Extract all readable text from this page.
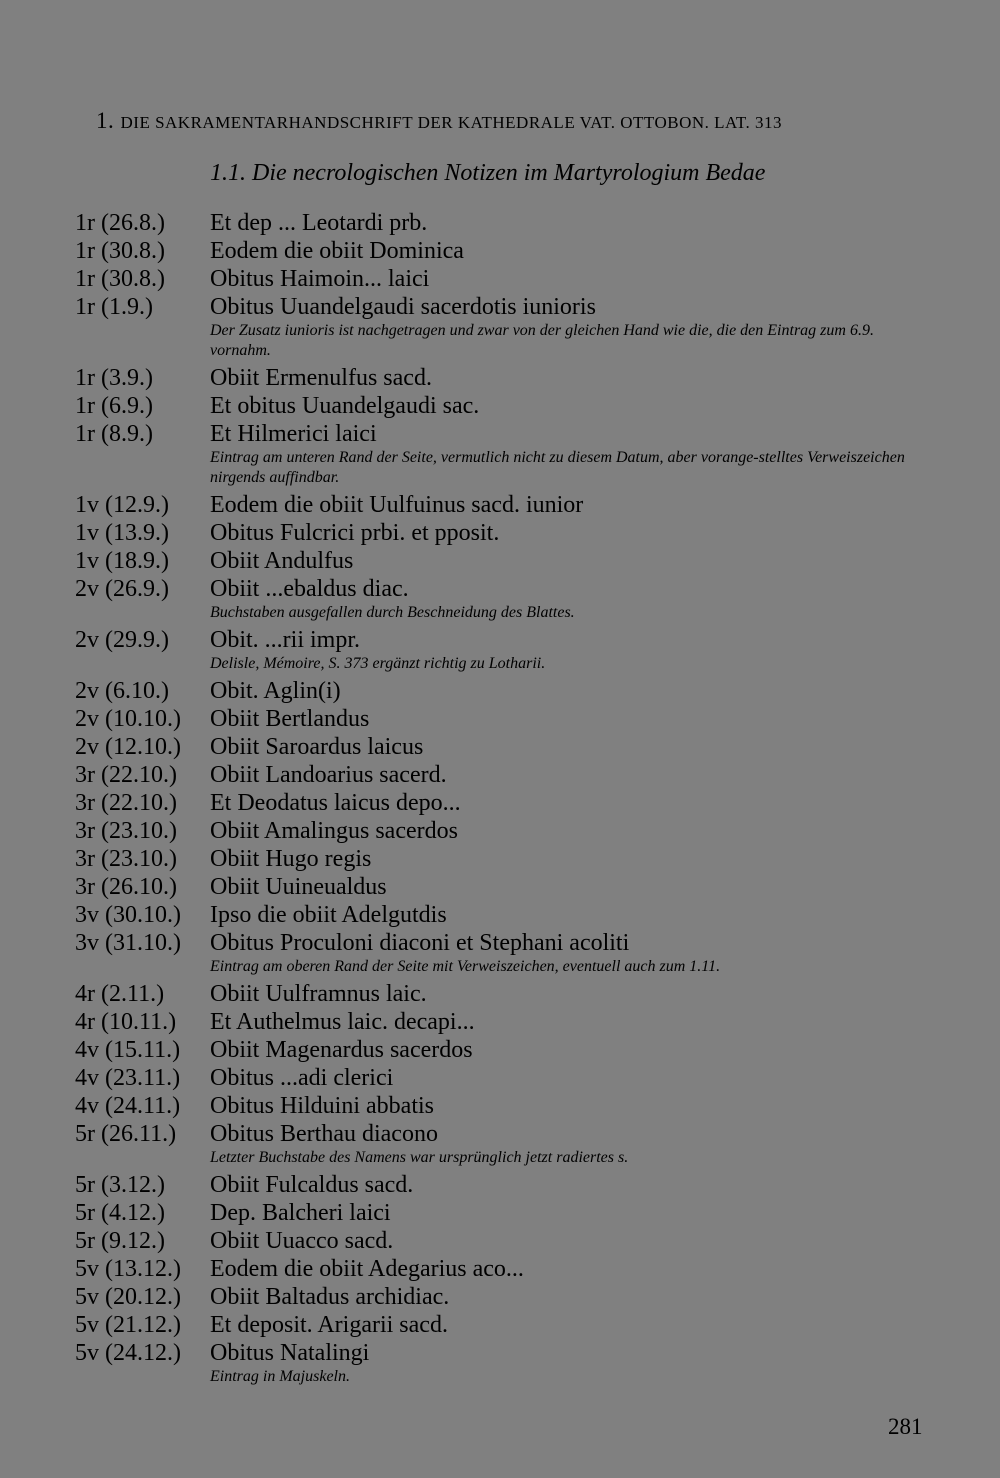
1. DIE SAKRAMENTARHANDSCHRIFT DER KATHEDRALE VAT. OTTOBON. LAT. 313
1.1. Die necrologischen Notizen im Martyrologium Bedae
1r (26.8.)	Et dep ... Leotardi prb.
1r (30.8.)	Eodem die obiit Dominica
1r (30.8.)	Obitus Haimoin... laici
1r (1.9.)	Obitus Uuandelgaudi sacerdotis iunioris
Der Zusatz iunioris ist nachgetragen und zwar von der gleichen Hand wie die, die den Eintrag zum 6.9. vornahm.
1r (3.9.)	Obiit Ermenulfus sacd.
1r (6.9.)	Et obitus Uuandelgaudi sac.
1r (8.9.)	Et Hilmerici laici
Eintrag am unteren Rand der Seite, vermutlich nicht zu diesem Datum, aber vorange-stelltes Verweiszeichen nirgends auffindbar.
1v (12.9.)	Eodem die obiit Uulfuinus sacd. iunior
1v (13.9.)	Obitus Fulcrici prbi. et pposit.
1v (18.9.)	Obiit Andulfus
2v (26.9.)	Obiit ...ebaldus diac.
Buchstaben ausgefallen durch Beschneidung des Blattes.
2v (29.9.)	Obit. ...rii impr.
Delisle, Mémoire, S. 373 ergänzt richtig zu Lotharii.
2v (6.10.)	Obit. Aglin(i)
2v (10.10.)	Obiit Bertlandus
2v (12.10.)	Obiit Saroardus laicus
3r (22.10.)	Obiit Landoarius sacerd.
3r (22.10.)	Et Deodatus laicus depo...
3r (23.10.)	Obiit Amalingus sacerdos
3r (23.10.)	Obiit Hugo regis
3r (26.10.)	Obiit Uuineualdus
3v (30.10.)	Ipso die obiit Adelgutdis
3v (31.10.)	Obitus Proculoni diaconi et Stephani acoliti
Eintrag am oberen Rand der Seite mit Verweiszeichen, eventuell auch zum 1.11.
4r (2.11.)	Obiit Uulframnus laic.
4r (10.11.)	Et Authelmus laic. decapi...
4v (15.11.)	Obiit Magenardus sacerdos
4v (23.11.)	Obitus ...adi clerici
4v (24.11.)	Obitus Hilduini abbatis
5r (26.11.)	Obitus Berthau diacono
Letzter Buchstabe des Namens war ursprünglich jetzt radiertes s.
5r (3.12.)	Obiit Fulcaldus sacd.
5r (4.12.)	Dep. Balcheri laici
5r (9.12.)	Obiit Uuacco sacd.
5v (13.12.)	Eodem die obiit Adegarius aco...
5v (20.12.)	Obiit Baltadus archidiac.
5v (21.12.)	Et deposit. Arigarii sacd.
5v (24.12.)	Obitus Natalingi
Eintrag in Majuskeln.
281
